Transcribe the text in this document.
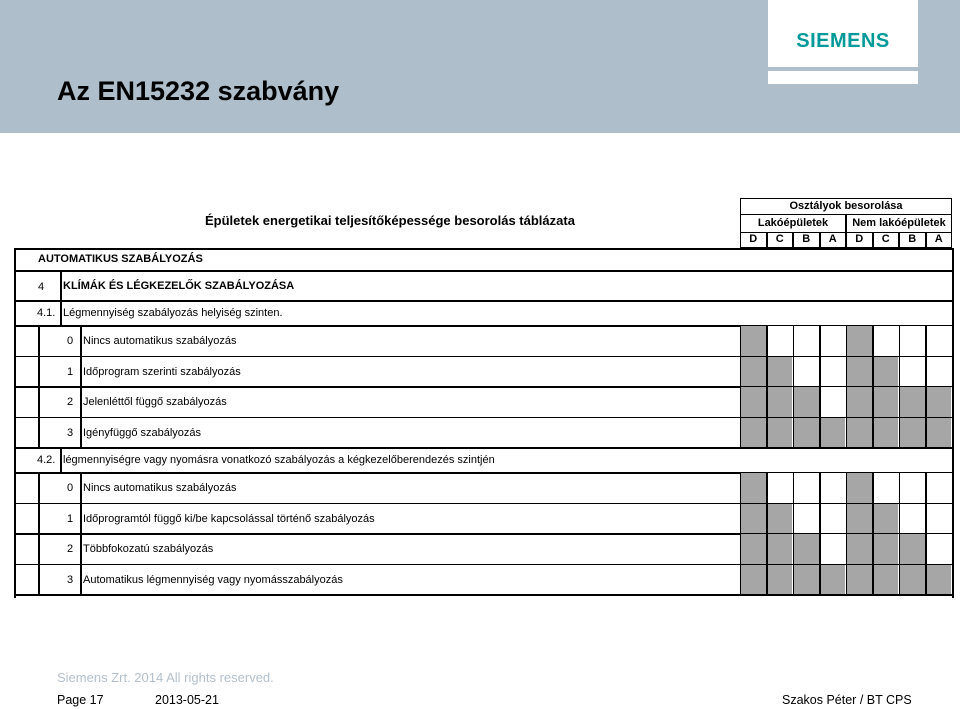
Az EN15232 szabvány
SIEMENS
Épületek energetikai teljesítőképessége besorolás táblázata
Osztályok besorolása
Lakóépületek	Nem lakóépületek
D	C	B	A	D	C	B	A
AUTOMATIKUS SZABÁLYOZÁS
4 KLÍMÁK ÉS LÉGKEZELŐK SZABÁLYOZÁSA
4.1. Légmennyiség szabályozás helyiség szinten.
0 Nincs automatikus szabályozás
1 Időprogram szerinti szabályozás
2 Jelenléttől függő szabályozás
3 Igényfüggő szabályozás
4.2. légmennyiségre vagy nyomásra vonatkozó szabályozás a kégkezelőberendezés szintjén
0 Nincs automatikus szabályozás
1 Időprogramtól függő ki/be kapcsolással történő szabályozás
2 Többfokozatú szabályozás
3 Automatikus légmennyiség vagy nyomásszabályozás
Siemens Zrt. 2014 All rights reserved.
Page 17	2013-05-21	Szakos Péter / BT CPS
